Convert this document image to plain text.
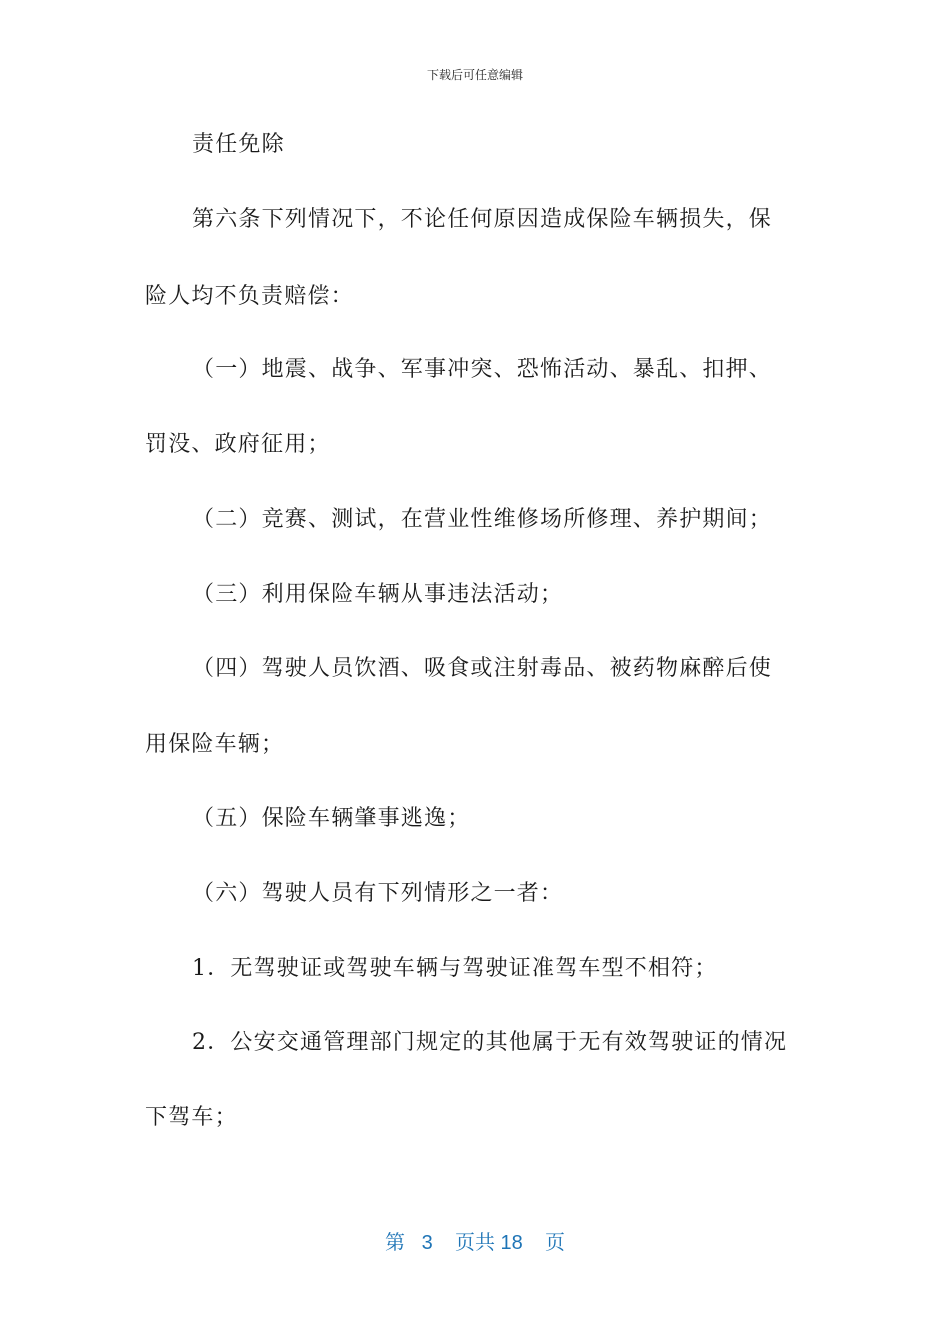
下载后可任意编辑
责任免除
第六条下列情况下，不论任何原因造成保险车辆损失，保
险人均不负责赔偿：
（一）地震、战争、军事冲突、恐怖活动、暴乱、扣押、
罚没、政府征用；
（二）竞赛、测试，在营业性维修场所修理、养护期间；
（三）利用保险车辆从事违法活动；
（四）驾驶人员饮酒、吸食或注射毒品、被药物麻醉后使
用保险车辆；
（五）保险车辆肇事逃逸；
（六）驾驶人员有下列情形之一者：
1．无驾驶证或驾驶车辆与驾驶证准驾车型不相符；
2．公安交通管理部门规定的其他属于无有效驾驶证的情况
下驾车；
第 3 页共 18 页
